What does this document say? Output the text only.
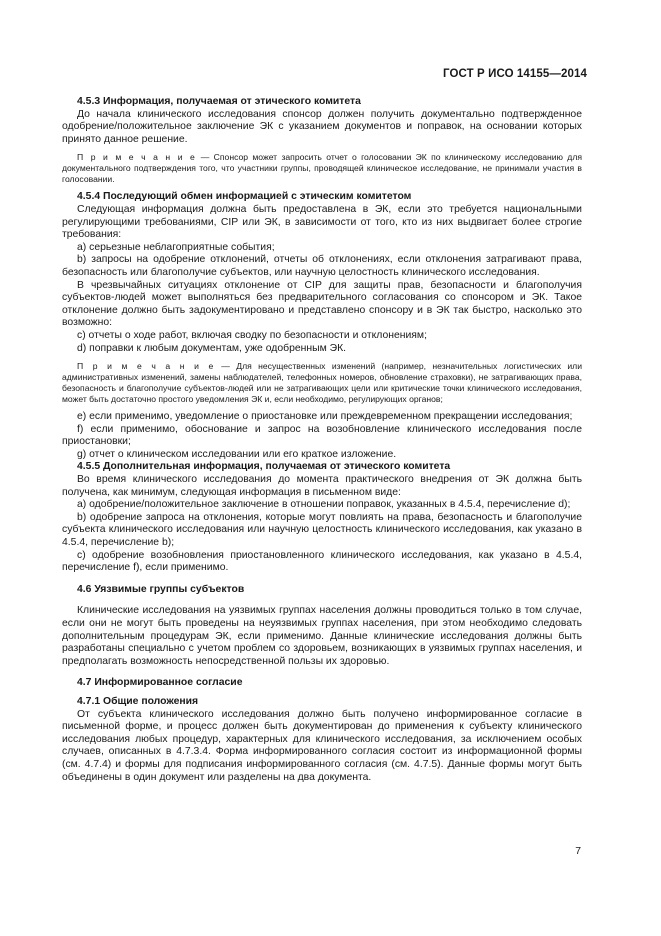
ГОСТ Р ИСО 14155—2014

4.5.3 Информация, получаемая от этического комитета

До начала клинического исследования спонсор должен получить документально подтвержденное одобрение/положительное заключение ЭК с указанием документов и поправок, на основании которых принято данное решение.

П р и м е ч а н и е — Спонсор может запросить отчет о голосовании ЭК по клиническому исследованию для документального подтверждения того, что участники группы, проводящей клиническое исследование, не принимали участия в голосовании.

4.5.4 Последующий обмен информацией с этическим комитетом

Следующая информация должна быть предоставлена в ЭК, если это требуется национальными регулирующими требованиями, CIP или ЭК, в зависимости от того, кто из них выдвигает более строгие требования:

a) серьезные неблагоприятные события;

b) запросы на одобрение отклонений, отчеты об отклонениях, если отклонения затрагивают права, безопасность или благополучие субъектов, или научную целостность клинического исследования.

В чрезвычайных ситуациях отклонение от CIP для защиты прав, безопасности и благополучия субъектов-людей может выполняться без предварительного согласования со спонсором и ЭК. Такое отклонение должно быть задокументировано и представлено спонсору и в ЭК так быстро, насколько это возможно:

c) отчеты о ходе работ, включая сводку по безопасности и отклонениям;

d) поправки к любым документам, уже одобренным ЭК.

П р и м е ч а н и е — Для несущественных изменений (например, незначительных логистических или административных изменений, замены наблюдателей, телефонных номеров, обновление страховки), не затрагивающих права, безопасность и благополучие субъектов-людей или не затрагивающих цели или критические точки клинического исследования, может быть достаточно простого уведомления ЭК и, если необходимо, регулирующих органов;

e) если применимо, уведомление о приостановке или преждевременном прекращении исследования;

f) если применимо, обоснование и запрос на возобновление клинического исследования после приостановки;

g) отчет о клиническом исследовании или его краткое изложение.

4.5.5 Дополнительная информация, получаемая от этического комитета

Во время клинического исследования до момента практического внедрения от ЭК должна быть получена, как минимум, следующая информация в письменном виде:

a) одобрение/положительное заключение в отношении поправок, указанных в 4.5.4, перечисление d);

b) одобрение запроса на отклонения, которые могут повлиять на права, безопасность и благополучие субъекта клинического исследования или научную целостность клинического исследования, как указано в 4.5.4, перечисление b);

c) одобрение возобновления приостановленного клинического исследования, как указано в 4.5.4, перечисление f), если применимо.

4.6 Уязвимые группы субъектов

Клинические исследования на уязвимых группах населения должны проводиться только в том случае, если они не могут быть проведены на неуязвимых группах населения, при этом необходимо следовать дополнительным процедурам ЭК, если применимо. Данные клинические исследования должны быть разработаны специально с учетом проблем со здоровьем, возникающих в уязвимых группах населения, и предполагать возможность непосредственной пользы их здоровью.

4.7 Информированное согласие

4.7.1 Общие положения

От субъекта клинического исследования должно быть получено информированное согласие в письменной форме, и процесс должен быть документирован до применения к субъекту клинического исследования любых процедур, характерных для клинического исследования, за исключением особых случаев, описанных в 4.7.3.4. Форма информированного согласия состоит из информационной формы (см. 4.7.4) и формы для подписания информированного согласия (см. 4.7.5). Данные формы могут быть объединены в один документ или разделены на два документа.

7
